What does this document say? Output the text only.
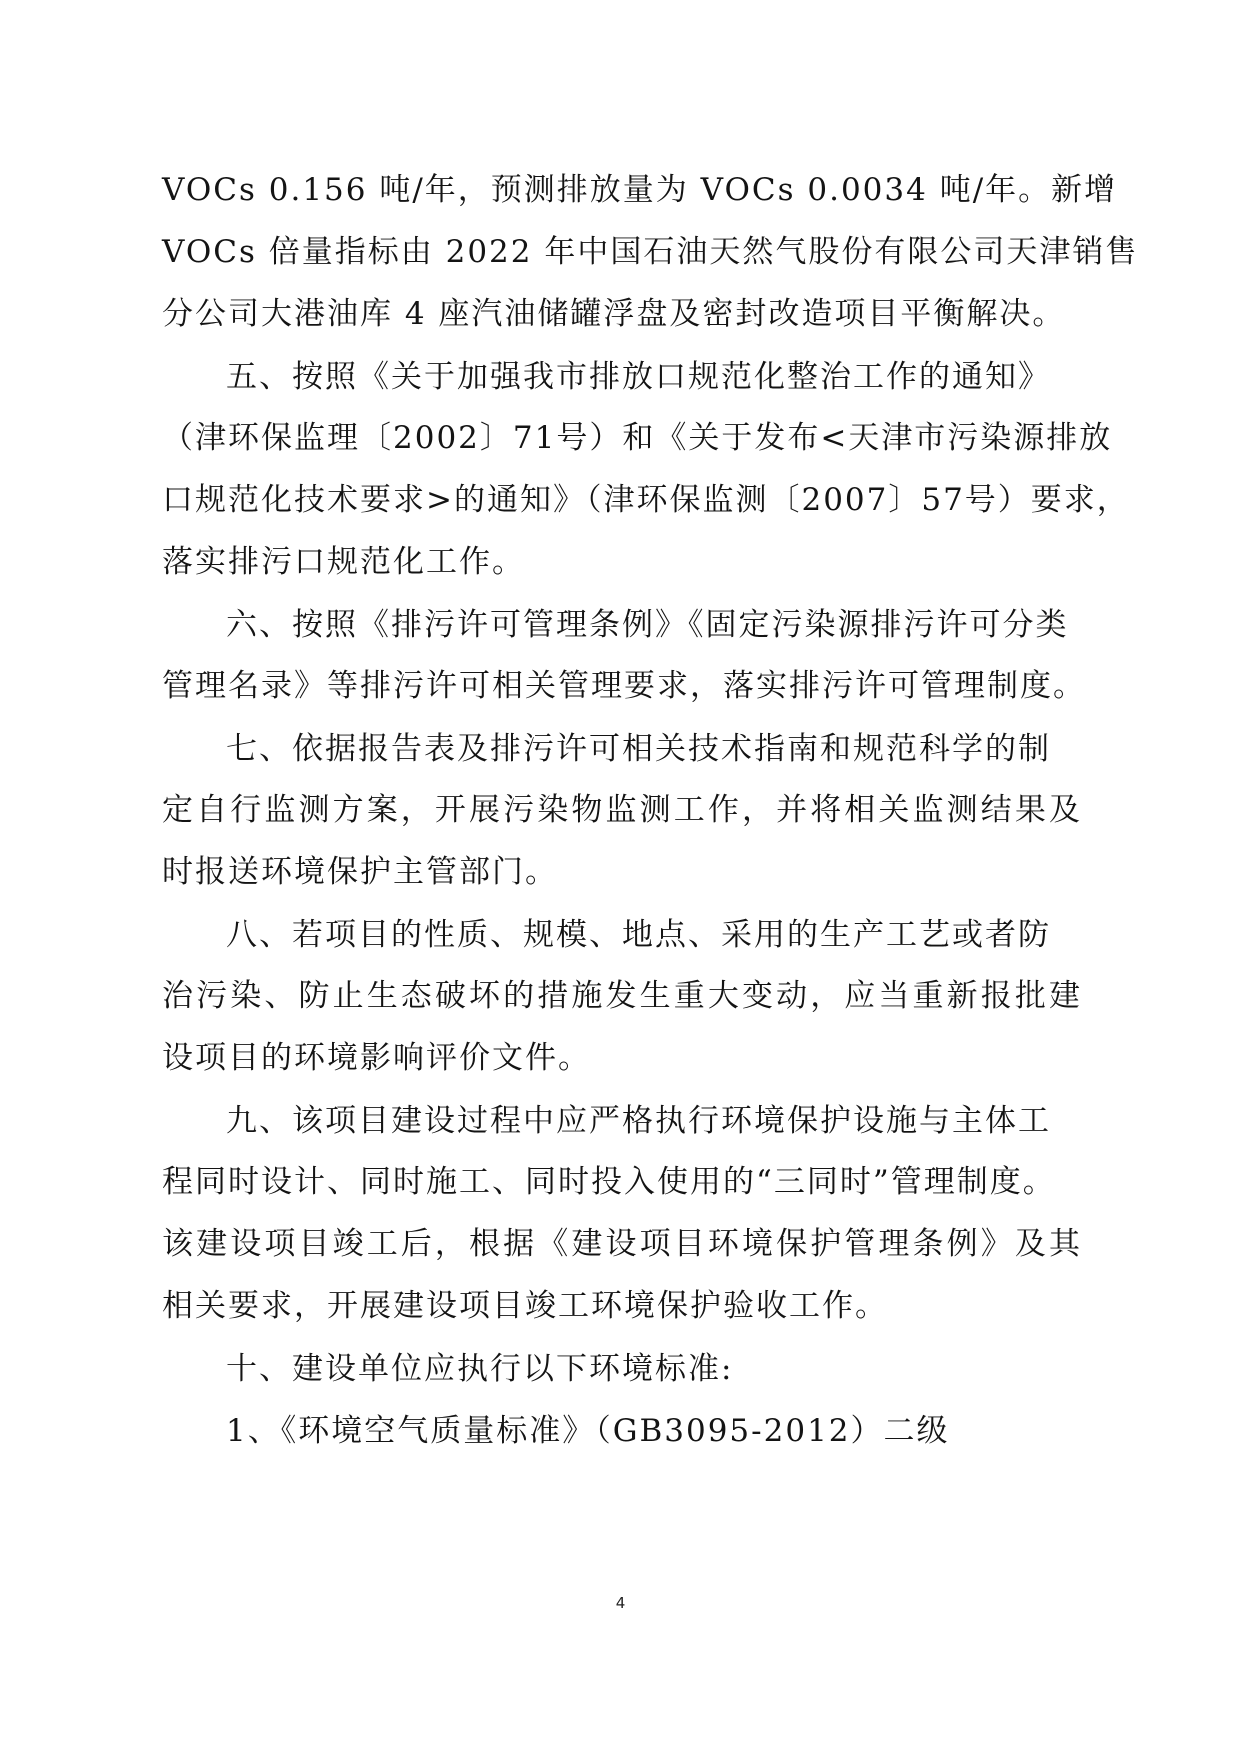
VOCs 0.156 吨/年，预测排放量为 VOCs 0.0034 吨/年。新增
VOCs 倍量指标由 2022 年中国石油天然气股份有限公司天津销售
分公司大港油库 4 座汽油储罐浮盘及密封改造项目平衡解决。
五、按照《关于加强我市排放口规范化整治工作的通知》
（津环保监理〔2002〕71号）和《关于发布<天津市污染源排放
口规范化技术要求>的通知》（津环保监测〔2007〕57号）要求，
落实排污口规范化工作。
六、按照《排污许可管理条例》《固定污染源排污许可分类
管理名录》等排污许可相关管理要求，落实排污许可管理制度。
七、依据报告表及排污许可相关技术指南和规范科学的制
定自行监测方案，开展污染物监测工作，并将相关监测结果及
时报送环境保护主管部门。
八、若项目的性质、规模、地点、采用的生产工艺或者防
治污染、防止生态破坏的措施发生重大变动，应当重新报批建
设项目的环境影响评价文件。
九、该项目建设过程中应严格执行环境保护设施与主体工
程同时设计、同时施工、同时投入使用的“三同时”管理制度。
该建设项目竣工后，根据《建设项目环境保护管理条例》及其
相关要求，开展建设项目竣工环境保护验收工作。
十、建设单位应执行以下环境标准:
1、《环境空气质量标准》（GB3095-2012）二级
4
